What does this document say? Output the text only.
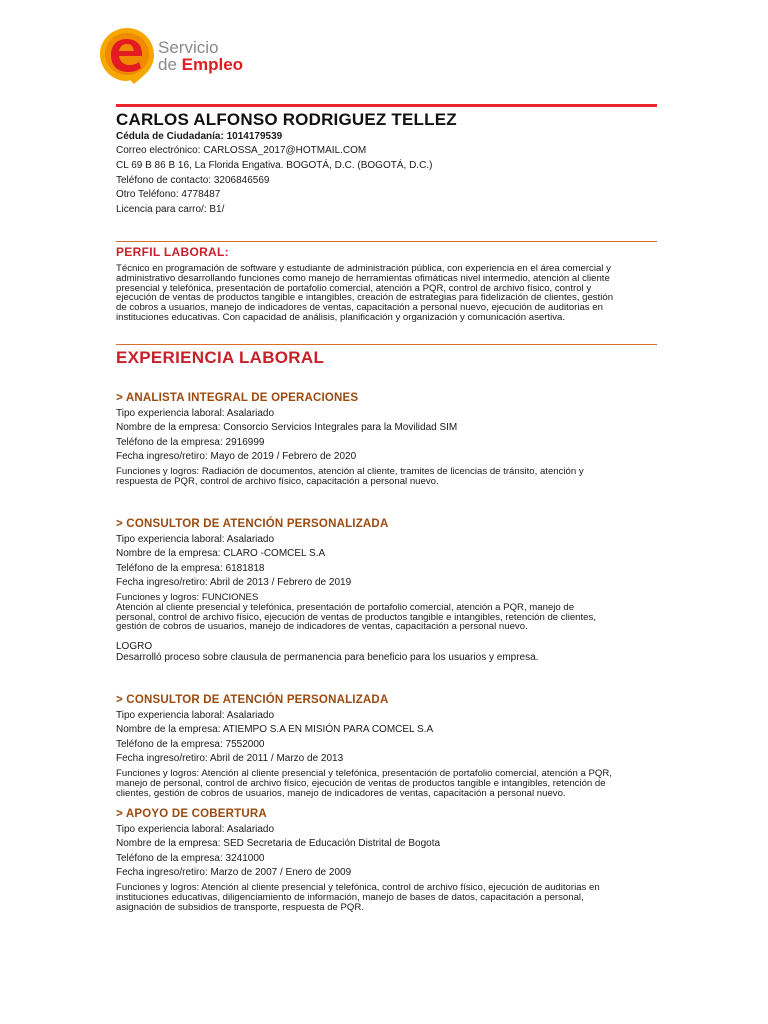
Servicio
de Empleo
CARLOS ALFONSO RODRIGUEZ TELLEZ
Cédula de Ciudadanía: 1014179539
Correo electrónico: CARLOSSA_2017@HOTMAIL.COM
CL 69 B 86 B 16, La Florida Engativa. BOGOTÁ, D.C. (BOGOTÁ, D.C.)
Teléfono de contacto: 3206846569
Otro Teléfono: 4778487
Licencia para carro/: B1/
PERFIL LABORAL:
Técnico en programación de software y estudiante de administración pública, con experiencia en el área comercial y
administrativo desarrollando funciones como manejo de herramientas ofimáticas nivel intermedio, atención al cliente
presencial y telefónica, presentación de portafolio comercial, atención a PQR, control de archivo físico, control y
ejecución de ventas de productos tangible e intangibles, creación de estrategias para fidelización de clientes, gestión
de cobros a usuarios, manejo de indicadores de ventas, capacitación a personal nuevo, ejecución de auditorias en
instituciones educativas. Con capacidad de análisis, planificación y organización y comunicación asertiva.
EXPERIENCIA LABORAL
> ANALISTA INTEGRAL DE OPERACIONES
Tipo experiencia laboral: Asalariado
Nombre de la empresa: Consorcio Servicios Integrales para la Movilidad SIM
Teléfono de la empresa: 2916999
Fecha ingreso/retiro: Mayo de 2019 / Febrero de 2020
Funciones y logros: Radiación de documentos, atención al cliente, tramites de licencias de tránsito, atención y
respuesta de PQR, control de archivo físico, capacitación a personal nuevo.
> CONSULTOR DE ATENCIÓN PERSONALIZADA
Tipo experiencia laboral: Asalariado
Nombre de la empresa: CLARO -COMCEL S.A
Teléfono de la empresa: 6181818
Fecha ingreso/retiro: Abril de 2013 / Febrero de 2019
Funciones y logros: FUNCIONES
Atención al cliente presencial y telefónica, presentación de portafolio comercial, atención a PQR, manejo de
personal, control de archivo físico, ejecución de ventas de productos tangible e intangibles, retención de clientes,
gestión de cobros de usuarios, manejo de indicadores de ventas, capacitación a personal nuevo.
LOGRO
Desarrolló proceso sobre clausula de permanencia para beneficio para los usuarios y empresa.
> CONSULTOR DE ATENCIÓN PERSONALIZADA
Tipo experiencia laboral: Asalariado
Nombre de la empresa: ATIEMPO S.A EN MISIÓN PARA COMCEL S.A
Teléfono de la empresa: 7552000
Fecha ingreso/retiro: Abril de 2011 / Marzo de 2013
Funciones y logros: Atención al cliente presencial y telefónica, presentación de portafolio comercial, atención a PQR,
manejo de personal, control de archivo físico, ejecución de ventas de productos tangible e intangibles, retención de
clientes, gestión de cobros de usuarios, manejo de indicadores de ventas, capacitación a personal nuevo.
> APOYO DE COBERTURA
Tipo experiencia laboral: Asalariado
Nombre de la empresa: SED Secretaria de Educación Distrital de Bogota
Teléfono de la empresa: 3241000
Fecha ingreso/retiro: Marzo de 2007 / Enero de 2009
Funciones y logros: Atención al cliente presencial y telefónica, control de archivo físico, ejecución de auditorias en
instituciones educativas, diligenciamiento de información, manejo de bases de datos, capacitación a personal,
asignación de subsidios de transporte, respuesta de PQR.
